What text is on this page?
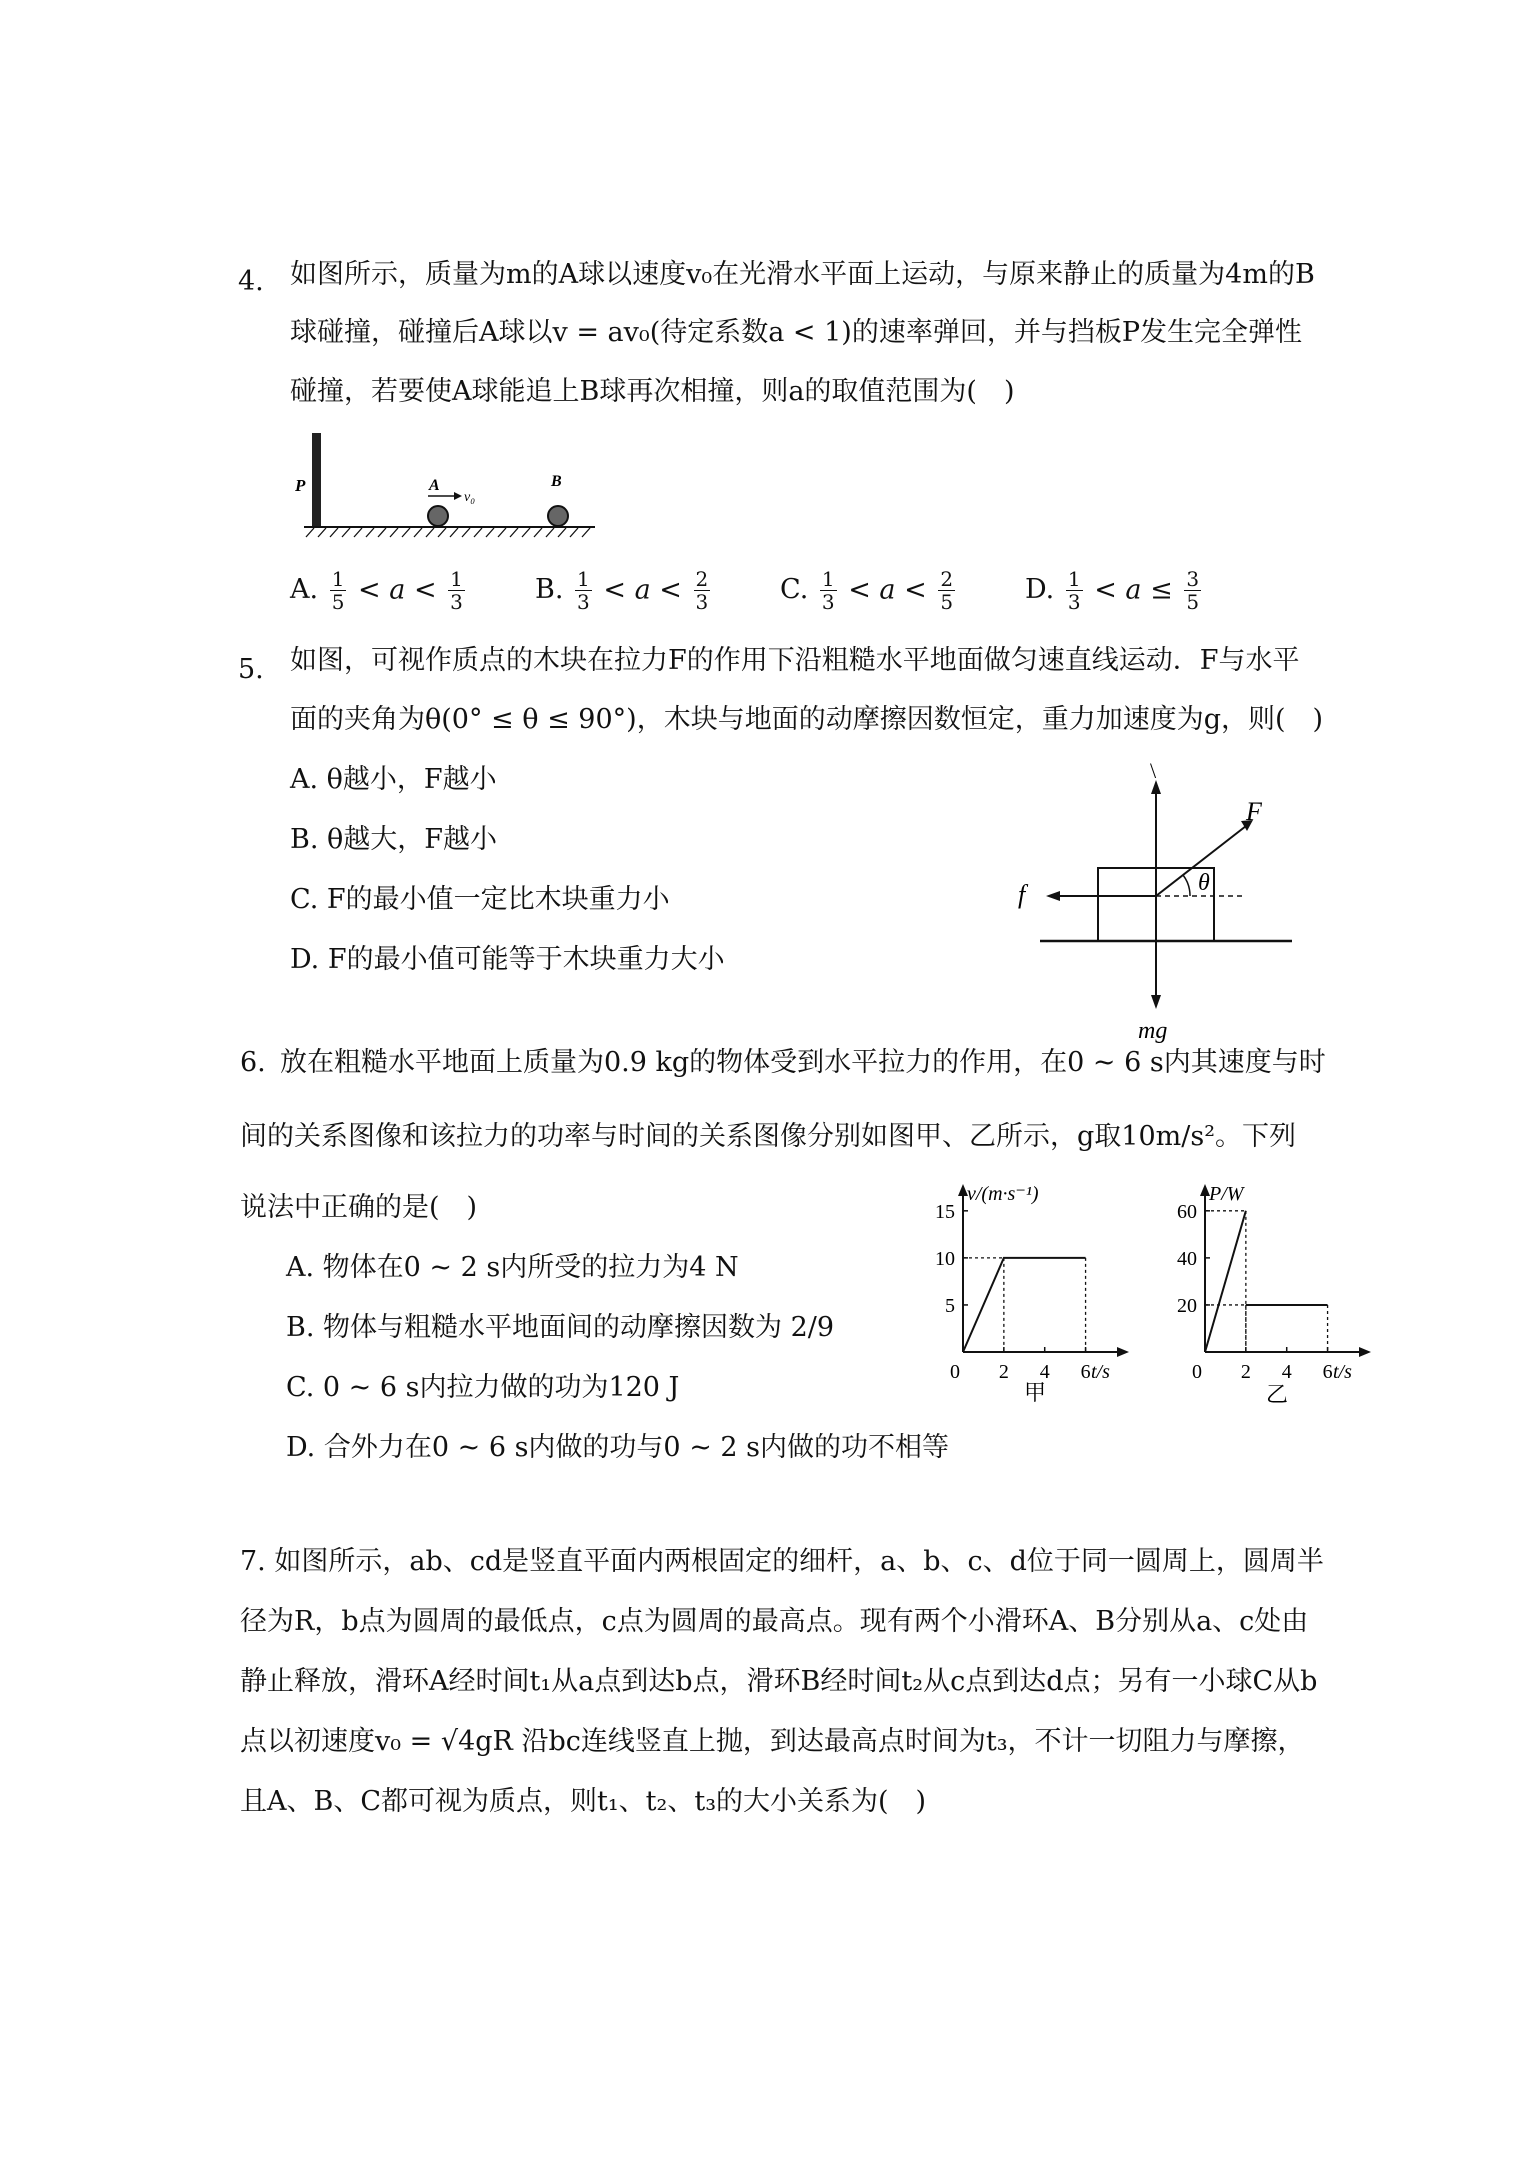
4. 如图所示，质量为m的A球以速度v₀在光滑水平面上运动，与原来静止的质量为4m的B
球碰撞，碰撞后A球以v = av₀(待定系数a < 1)的速率弹回，并与挡板P发生完全弹性
碰撞，若要使A球能追上B球再次相撞，则a的取值范围为(　)
P	A
v₀
B
A. $\frac{1}{5} < a < \frac{1}{3}$	B. $\frac{1}{3} < a < \frac{2}{3}$	C. $\frac{1}{3} < a < \frac{2}{5}$	D. $\frac{1}{3} < a \le \frac{3}{5}$
5. 如图，可视作质点的木块在拉力F的作用下沿粗糙水平地面做匀速直线运动．F与水平
面的夹角为θ(0° ≤ θ ≤ 90°)，木块与地面的动摩擦因数恒定，重力加速度为g，则(　)
A. θ越小，F越小
B. θ越大，F越小
C. F的最小值一定比木块重力小
D. F的最小值可能等于木块重力大小
\
mg
f
F
θ
6. 放在粗糙水平地面上质量为0.9 kg的物体受到水平拉力的作用，在0 ~ 6 s内其速度与时
间的关系图像和该拉力的功率与时间的关系图像分别如图甲、乙所示，g取10m/s²。下列
说法中正确的是(　)
A. 物体在0 ~ 2 s内所受的拉力为4 N
B. 物体与粗糙水平地面间的动摩擦因数为 2/9
C. 0 ~ 6 s内拉力做的功为120 J
D. 合外力在0 ~ 6 s内做的功与0 ~ 2 s内做的功不相等
v/(m·s⁻¹)
t/s
0
甲
2 4 6
5
10
15
P/W
t/s
0
乙
2 4 6
20
40
60
7. 如图所示，ab、cd是竖直平面内两根固定的细杆，a、b、c、d位于同一圆周上，圆周半
径为R，b点为圆周的最低点，c点为圆周的最高点。现有两个小滑环A、B分别从a、c处由
静止释放，滑环A经时间t₁从a点到达b点，滑环B经时间t₂从c点到达d点；另有一小球C从b
点以初速度v₀ = √4gR 沿bc连线竖直上抛，到达最高点时间为t₃，不计一切阻力与摩擦，
且A、B、C都可视为质点，则t₁、t₂、t₃的大小关系为(　)
